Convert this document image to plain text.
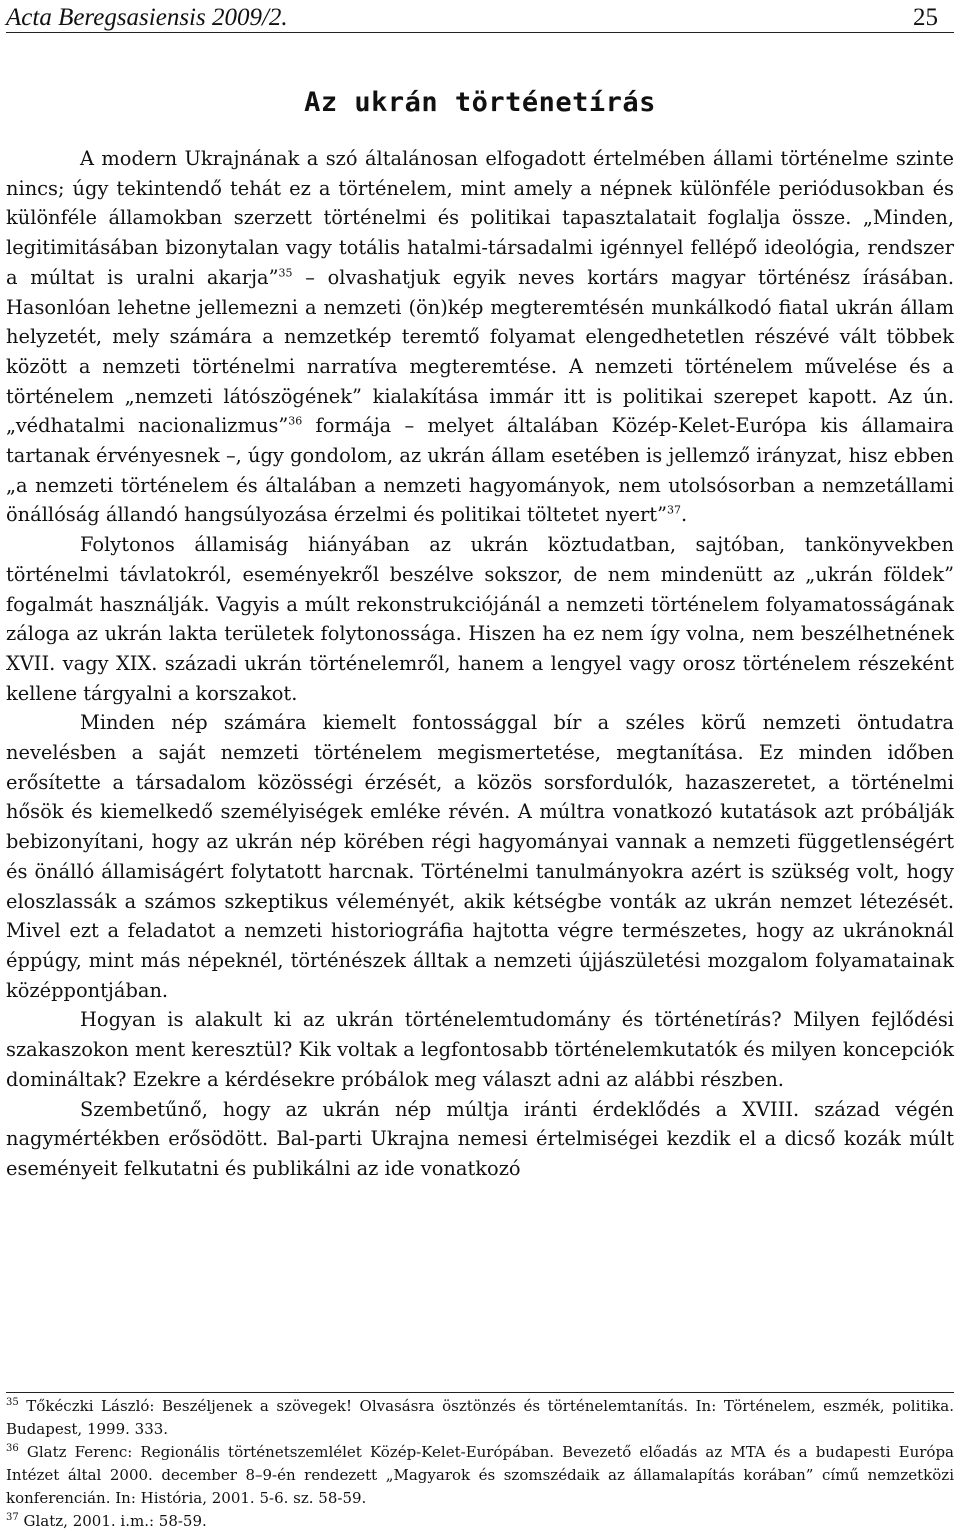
Acta Beregsasiensis 2009/2.	25
Az ukrán történetírás

A modern Ukrajnának a szó általánosan elfogadott értelmében állami történelme szinte nincs; úgy tekintendő tehát ez a történelem, mint amely a népnek különféle periódusokban és különféle államokban szerzett történelmi és politikai tapasztalatait foglalja össze. „Minden, legitimitásában bizonytalan vagy totális hatalmi-társadalmi igénnyel fellépő ideológia, rendszer a múltat is uralni akarja”$^{35}$ – olvashatjuk egyik neves kortárs magyar történész írásában. Hasonlóan lehetne jellemezni a nemzeti (ön)kép megteremtésén munkálkodó fiatal ukrán állam helyzetét, mely számára a nemzetkép teremtő folyamat elengedhetetlen részévé vált többek között a nemzeti történelmi narratíva megteremtése. A nemzeti történelem művelése és a történelem „nemzeti látószögének” kialakítása immár itt is politikai szerepet kapott. Az ún. „védhatalmi nacionalizmus”$^{36}$ formája – melyet általában Közép-Kelet-Európa kis államaira tartanak érvényesnek –, úgy gondolom, az ukrán állam esetében is jellemző irányzat, hisz ebben „a nemzeti történelem és általában a nemzeti hagyományok, nem utolsósorban a nemzetállami önállóság állandó hangsúlyozása érzelmi és politikai töltetet nyert”$^{37}$.

Folytonos államiság hiányában az ukrán köztudatban, sajtóban, tankönyvekben történelmi távlatokról, eseményekről beszélve sokszor, de nem mindenütt az „ukrán földek” fogalmát használják. Vagyis a múlt rekonstrukciójánál a nemzeti történelem folyamatosságának záloga az ukrán lakta területek folytonossága. Hiszen ha ez nem így volna, nem beszélhetnének XVII. vagy XIX. századi ukrán történelemről, hanem a lengyel vagy orosz történelem részeként kellene tárgyalni a korszakot.

Minden nép számára kiemelt fontossággal bír a széles körű nemzeti öntudatra nevelésben a saját nemzeti történelem megismertetése, megtanítása. Ez minden időben erősítette a társadalom közösségi érzését, a közös sorsfordulók, hazaszeretet, a történelmi hősök és kiemelkedő személyiségek emléke révén. A múltra vonatkozó kutatások azt próbálják bebizonyítani, hogy az ukrán nép körében régi hagyományai vannak a nemzeti függetlenségért és önálló államiságért folytatott harcnak. Történelmi tanulmányokra azért is szükség volt, hogy eloszlassák a számos szkeptikus véleményét, akik kétségbe vonták az ukrán nemzet létezését. Mivel ezt a feladatot a nemzeti historiográfia hajtotta végre természetes, hogy az ukránoknál éppúgy, mint más népeknél, történészek álltak a nemzeti újjászületési mozgalom folyamatainak középpontjában.

Hogyan is alakult ki az ukrán történelemtudomány és történetírás? Milyen fejlődési szakaszokon ment keresztül? Kik voltak a legfontosabb történelemkutatók és milyen koncepciók domináltak? Ezekre a kérdésekre próbálok meg választ adni az alábbi részben.

Szembetűnő, hogy az ukrán nép múltja iránti érdeklődés a XVIII. század végén nagymértékben erősödött. Bal-parti Ukrajna nemesi értelmiségei kezdik el a dicső kozák múlt eseményeit felkutatni és publikálni az ide vonatkozó

$^{35}$ Tőkéczki László: Beszéljenek a szövegek! Olvasásra ösztönzés és történelemtanítás. In: Történelem, eszmék, politika. Budapest, 1999. 333.

$^{36}$ Glatz Ferenc: Regionális történetszemlélet Közép-Kelet-Európában. Bevezető előadás az MTA és a budapesti Európa Intézet által 2000. december 8–9-én rendezett „Magyarok és szomszédaik az államalapítás korában” című nemzetközi konferencián. In: História, 2001. 5-6. sz. 58-59.

$^{37}$ Glatz, 2001. i.m.: 58-59.
